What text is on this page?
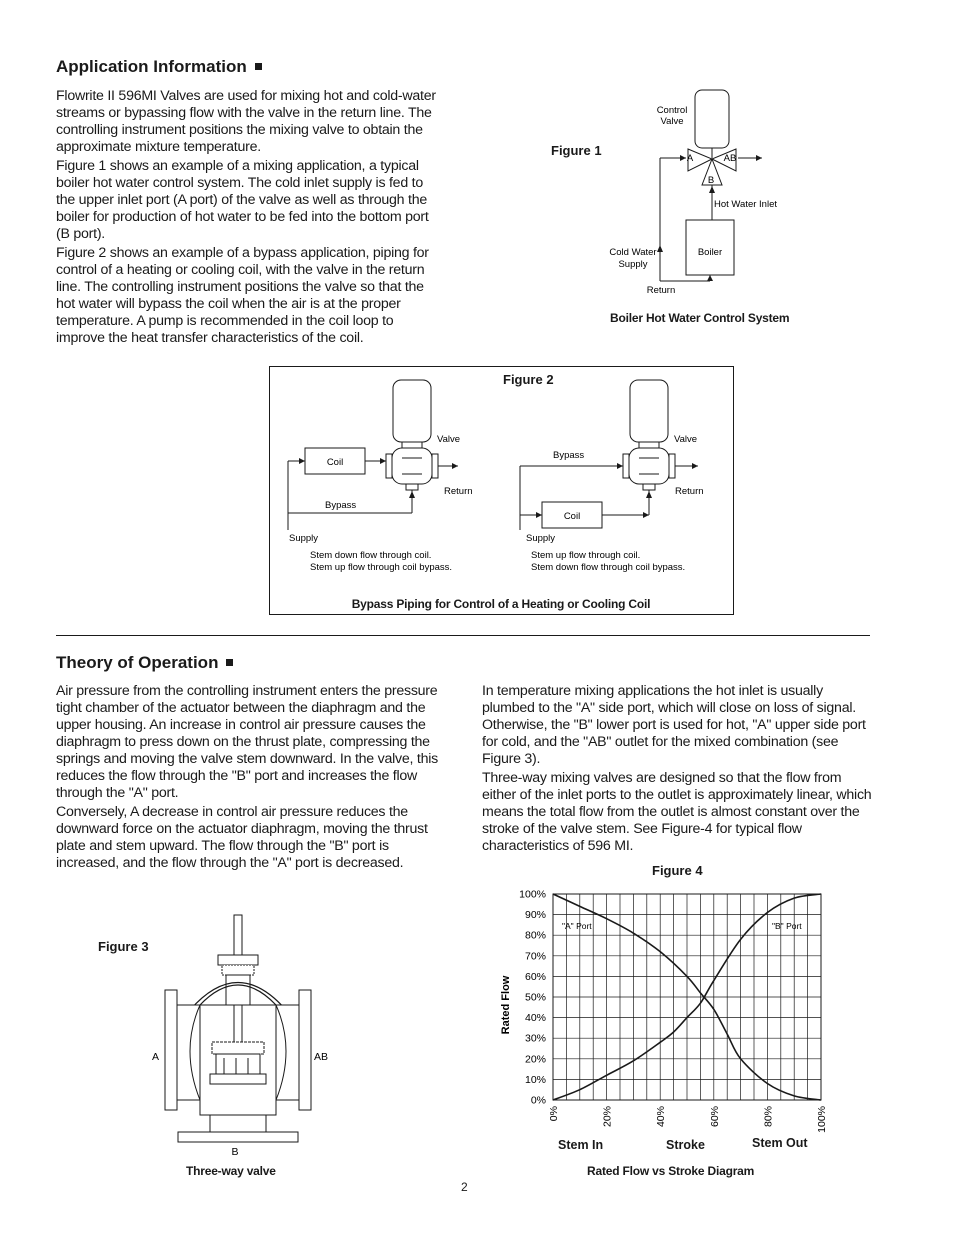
Application Information

Flowrite II 596MI Valves are used for mixing hot and cold-water streams or bypassing flow with the valve in the return line. The controlling instrument positions the mixing valve to obtain the approximate mixture temperature.

Figure 1 shows an example of a mixing application, a typical boiler hot water control system. The cold inlet supply is fed to the upper inlet port (A port) of the valve as well as through the boiler for production of hot water to be fed into the bottom port (B port).

Figure 2 shows an example of a bypass application, piping for control of a heating or cooling coil, with the valve in the return line. The controlling instrument positions the valve so that the hot water will bypass the coil when the air is at the proper temperature. A pump is recommended in the coil loop to improve the heat transfer characteristics of the coil.

Figure 1
Control
Valve
A	AB
B
Boiler
Hot Water Inlet
Cold Water
Supply
Return
Boiler Hot Water Control System
Figure 2
Valve
Coil
Return
Bypass
Supply
Stem down flow through coil.
Stem up flow through coil bypass.
Valve
Bypass
Return
Coil
Supply
Stem up flow through coil.
Stem down flow through coil bypass.
Bypass Piping for Control of a Heating or Cooling Coil
Theory of Operation

Air pressure from the controlling instrument enters the pressure tight chamber of the actuator between the diaphragm and the upper housing. An increase in control air pressure causes the diaphragm to press down on the thrust plate, compressing the springs and moving the valve stem downward. In the valve, this reduces the flow through the "B" port and increases the flow through the "A" port.

Conversely, A decrease in control air pressure reduces the downward force on the actuator diaphragm, moving the thrust plate and stem upward. The flow through the "B" port is increased, and the flow through the "A" port is decreased.

In temperature mixing applications the hot inlet is usually plumbed to the "A" side port, which will close on loss of signal. Otherwise, the "B" lower port is used for hot, "A" upper side port for cold, and the "AB" outlet for the mixed combination (see Figure 3).

Three-way mixing valves are designed so that the flow from either of the inlet ports to the outlet is approximately linear, which means the total flow from the outlet is almost constant over the stroke of the valve stem. See Figure-4 for typical flow characteristics of 596 MI.

Figure 3
A	AB
B
Three-way valve
Figure 4
0%
10%
20%
30%
40%
50%
60%
70%
80%
90%
100%
0%	20%	40%	60%	80%	100%
"A" Port	"B" Port
Rated Flow
Stem In	Stroke	Stem Out
Rated Flow vs Stroke Diagram
2
